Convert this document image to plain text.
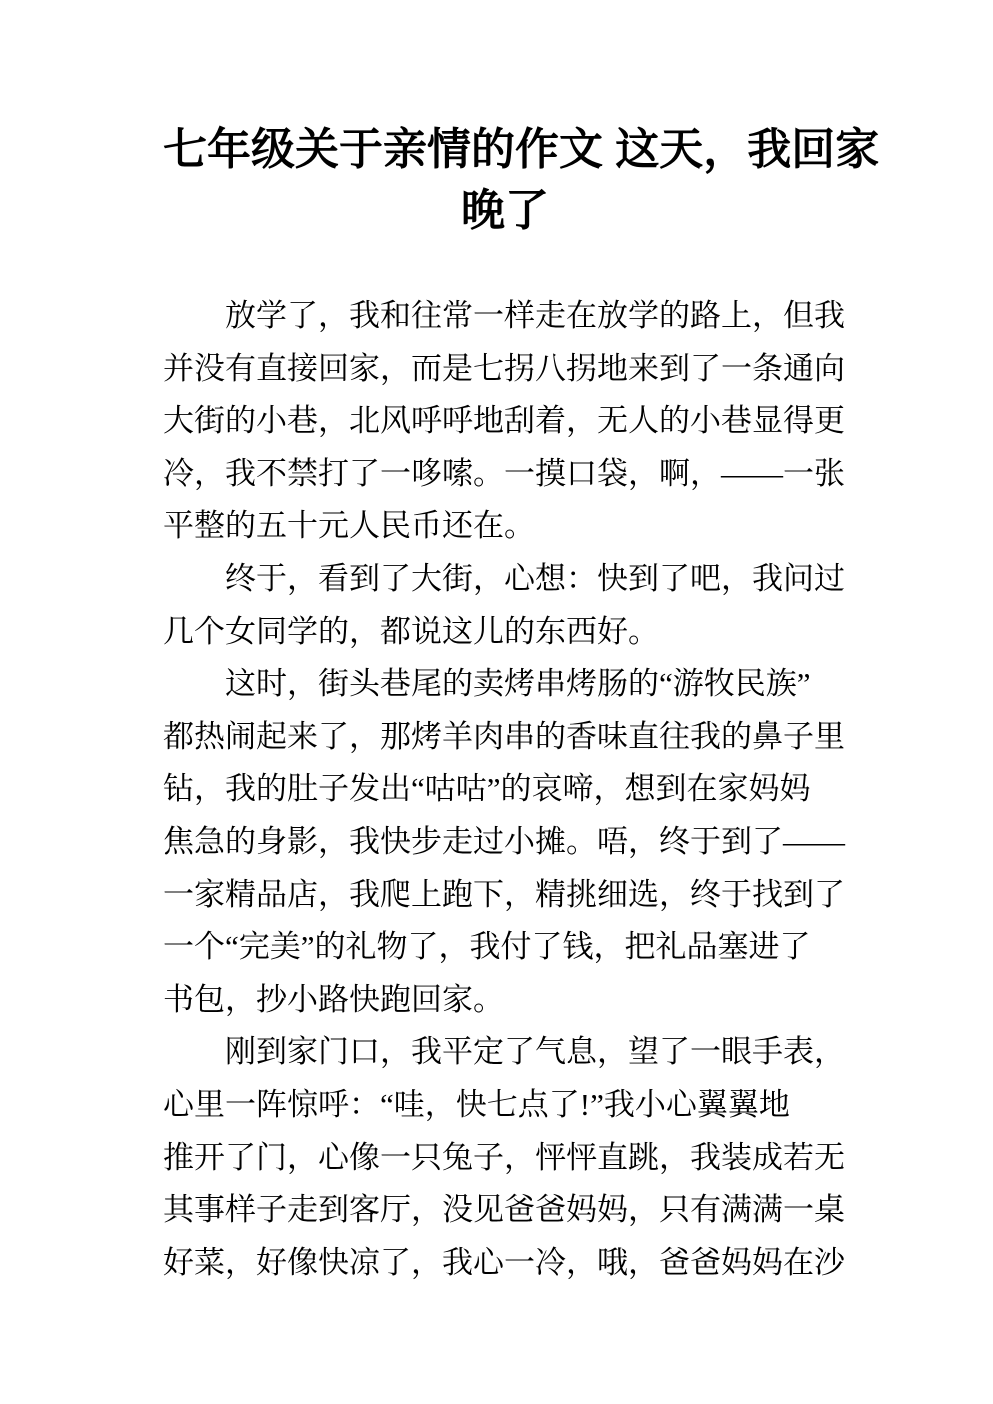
七年级关于亲情的作文 这天，我回家
晚了
　　放学了，我和往常一样走在放学的路上，但我
并没有直接回家，而是七拐八拐地来到了一条通向
大街的小巷，北风呼呼地刮着，无人的小巷显得更
冷，我不禁打了一哆嗦。一摸口袋，啊，——一张
平整的五十元人民币还在。
　　终于，看到了大街，心想：快到了吧，我问过
几个女同学的，都说这儿的东西好。
　　这时，街头巷尾的卖烤串烤肠的“游牧民族”
都热闹起来了，那烤羊肉串的香味直往我的鼻子里
钻，我的肚子发出“咕咕”的哀啼，想到在家妈妈
焦急的身影，我快步走过小摊。唔，终于到了——
一家精品店，我爬上跑下，精挑细选，终于找到了
一个“完美”的礼物了，我付了钱，把礼品塞进了
书包，抄小路快跑回家。
　　刚到家门口，我平定了气息，望了一眼手表，
心里一阵惊呼：“哇，快七点了!”我小心翼翼地
推开了门，心像一只兔子，怦怦直跳，我装成若无
其事样子走到客厅，没见爸爸妈妈，只有满满一桌
好菜，好像快凉了，我心一冷，哦，爸爸妈妈在沙
